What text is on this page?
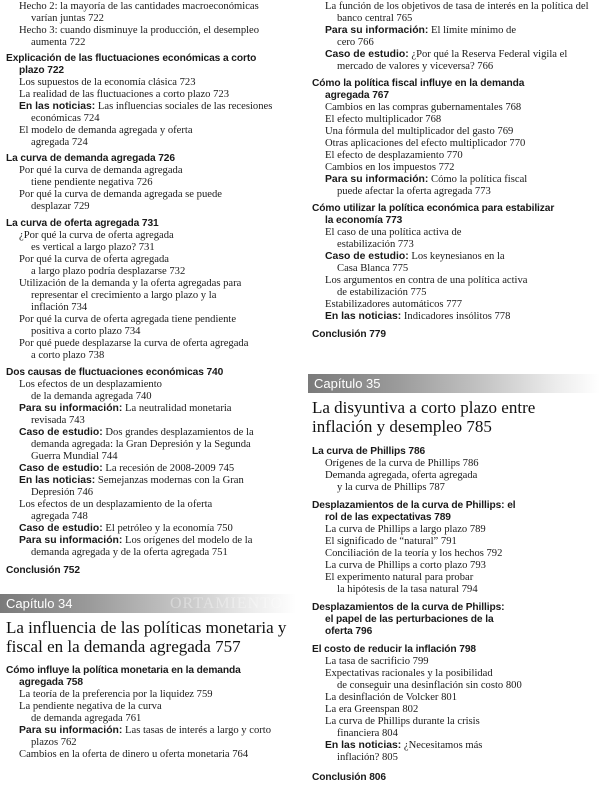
Hecho 2: la mayoría de las cantidades macroeconómicas
varían juntas 722
Hecho 3: cuando disminuye la producción, el desempleo
aumenta 722
Explicación de las fluctuaciones económicas a corto
plazo 722
Los supuestos de la economía clásica 723
La realidad de las fluctuaciones a corto plazo 723
En las noticias: Las influencias sociales de las recesiones
económicas 724
El modelo de demanda agregada y oferta
agregada 724
La curva de demanda agregada 726
Por qué la curva de demanda agregada
tiene pendiente negativa 726
Por qué la curva de demanda agregada se puede
desplazar 729
La curva de oferta agregada 731
¿Por qué la curva de oferta agregada
es vertical a largo plazo? 731
Por qué la curva de oferta agregada
a largo plazo podría desplazarse 732
Utilización de la demanda y la oferta agregadas para
representar el crecimiento a largo plazo y la
inflación 734
Por qué la curva de oferta agregada tiene pendiente
positiva a corto plazo 734
Por qué puede desplazarse la curva de oferta agregada
a corto plazo 738
Dos causas de fluctuaciones económicas 740
Los efectos de un desplazamiento
de la demanda agregada 740
Para su información: La neutralidad monetaria
revisada 743
Caso de estudio: Dos grandes desplazamientos de la
demanda agregada: la Gran Depresión y la Segunda
Guerra Mundial 744
Caso de estudio: La recesión de 2008-2009 745
En las noticias: Semejanzas modernas con la Gran
Depresión 746
Los efectos de un desplazamiento de la oferta
agregada 748
Caso de estudio: El petróleo y la economía 750
Para su información: Los orígenes del modelo de la
demanda agregada y de la oferta agregada 751
Conclusión 752
Capítulo 34	ORTAMIENTO
La influencia de las políticas monetaria y
fiscal en la demanda agregada 757
Cómo influye la política monetaria en la demanda
agregada 758
La teoría de la preferencia por la liquidez 759
La pendiente negativa de la curva
de demanda agregada 761
Para su información: Las tasas de interés a largo y corto
plazos 762
Cambios en la oferta de dinero u oferta monetaria 764
La función de los objetivos de tasa de interés en la política del
banco central 765
Para su información: El límite mínimo de
cero 766
Caso de estudio: ¿Por qué la Reserva Federal vigila el
mercado de valores y viceversa? 766
Cómo la política fiscal influye en la demanda
agregada 767
Cambios en las compras gubernamentales 768
El efecto multiplicador 768
Una fórmula del multiplicador del gasto 769
Otras aplicaciones del efecto multiplicador 770
El efecto de desplazamiento 770
Cambios en los impuestos 772
Para su información: Cómo la política fiscal
puede afectar la oferta agregada 773
Cómo utilizar la política económica para estabilizar
la economía 773
El caso de una política activa de
estabilización 773
Caso de estudio: Los keynesianos en la
Casa Blanca 775
Los argumentos en contra de una política activa
de estabilización 775
Estabilizadores automáticos 777
En las noticias: Indicadores insólitos 778
Conclusión 779
Capítulo 35
La disyuntiva a corto plazo entre
inflación y desempleo 785
La curva de Phillips 786
Orígenes de la curva de Phillips 786
Demanda agregada, oferta agregada
y la curva de Phillips 787
Desplazamientos de la curva de Phillips: el
rol de las expectativas 789
La curva de Phillips a largo plazo 789
El significado de “natural” 791
Conciliación de la teoría y los hechos 792
La curva de Phillips a corto plazo 793
El experimento natural para probar
la hipótesis de la tasa natural 794
Desplazamientos de la curva de Phillips:
el papel de las perturbaciones de la
oferta 796
El costo de reducir la inflación 798
La tasa de sacrificio 799
Expectativas racionales y la posibilidad
de conseguir una desinflación sin costo 800
La desinflación de Volcker 801
La era Greenspan 802
La curva de Phillips durante la crisis
financiera 804
En las noticias: ¿Necesitamos más
inflación? 805
Conclusión 806
